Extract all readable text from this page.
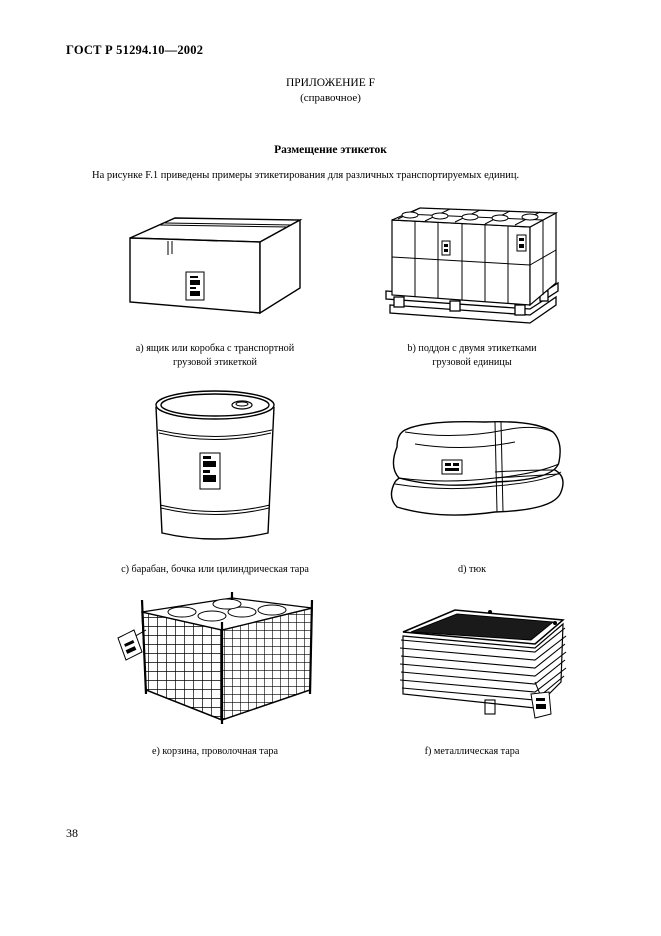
ГОСТ Р 51294.10—2002
ПРИЛОЖЕНИЕ F
(справочное)
Размещение этикеток
На рисунке F.1 приведены примеры этикетирования для различных транспортируемых единиц.
а) ящик или коробка с транспортной
грузовой этикеткой
b) поддон с двумя этикетками
грузовой единицы
с) барабан, бочка или цилиндрическая тара	d) тюк
е) корзина, проволочная тара	f) металлическая тара
38
